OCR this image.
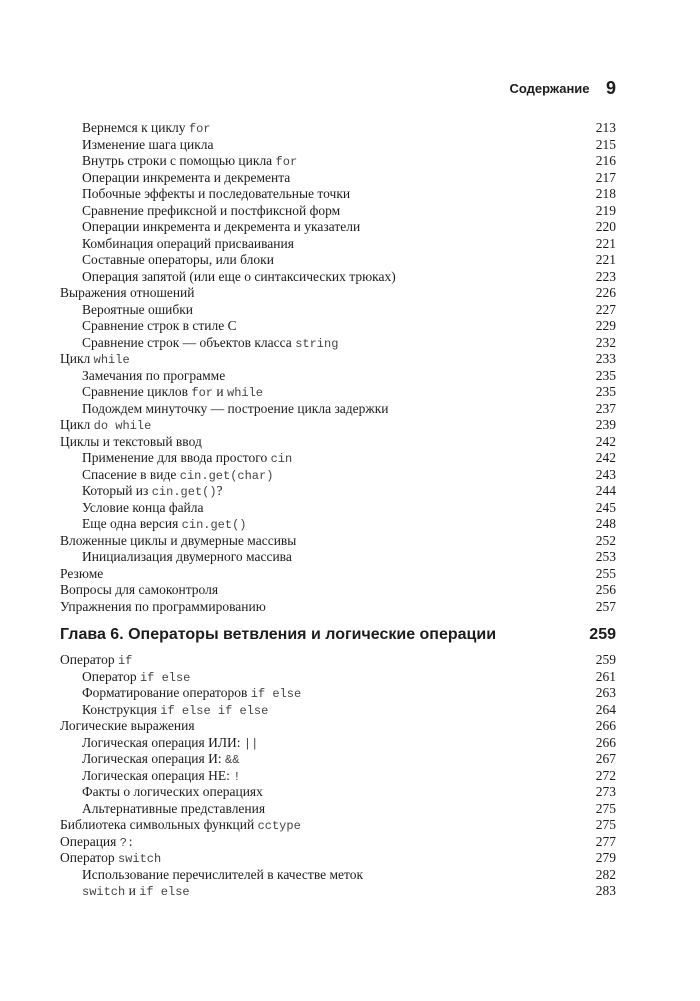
Содержание 9
Вернемся к циклу for	213
Изменение шага цикла	215
Внутрь строки с помощью цикла for	216
Операции инкремента и декремента	217
Побочные эффекты и последовательные точки	218
Сравнение префиксной и постфиксной форм	219
Операции инкремента и декремента и указатели	220
Комбинация операций присваивания	221
Составные операторы, или блоки	221
Операция запятой (или еще о синтаксических трюках)	223
Выражения отношений	226
Вероятные ошибки	227
Сравнение строк в стиле С	229
Сравнение строк — объектов класса string	232
Цикл while	233
Замечания по программе	235
Сравнение циклов for и while	235
Подождем минуточку — построение цикла задержки	237
Цикл do while	239
Циклы и текстовый ввод	242
Применение для ввода простого cin	242
Спасение в виде cin.get(char)	243
Который из cin.get()?	244
Условие конца файла	245
Еще одна версия cin.get()	248
Вложенные циклы и двумерные массивы	252
Инициализация двумерного массива	253
Резюме	255
Вопросы для самоконтроля	256
Упражнения по программированию	257
Глава 6. Операторы ветвления и логические операции	259
Оператор if	259
Оператор if else	261
Форматирование операторов if else	263
Конструкция if else if else	264
Логические выражения	266
Логическая операция ИЛИ: ||	266
Логическая операция И: &&	267
Логическая операция НЕ: !	272
Факты о логических операциях	273
Альтернативные представления	275
Библиотека символьных функций cctype	275
Операция ?:	277
Оператор switch	279
Использование перечислителей в качестве меток	282
switch и if else	283
